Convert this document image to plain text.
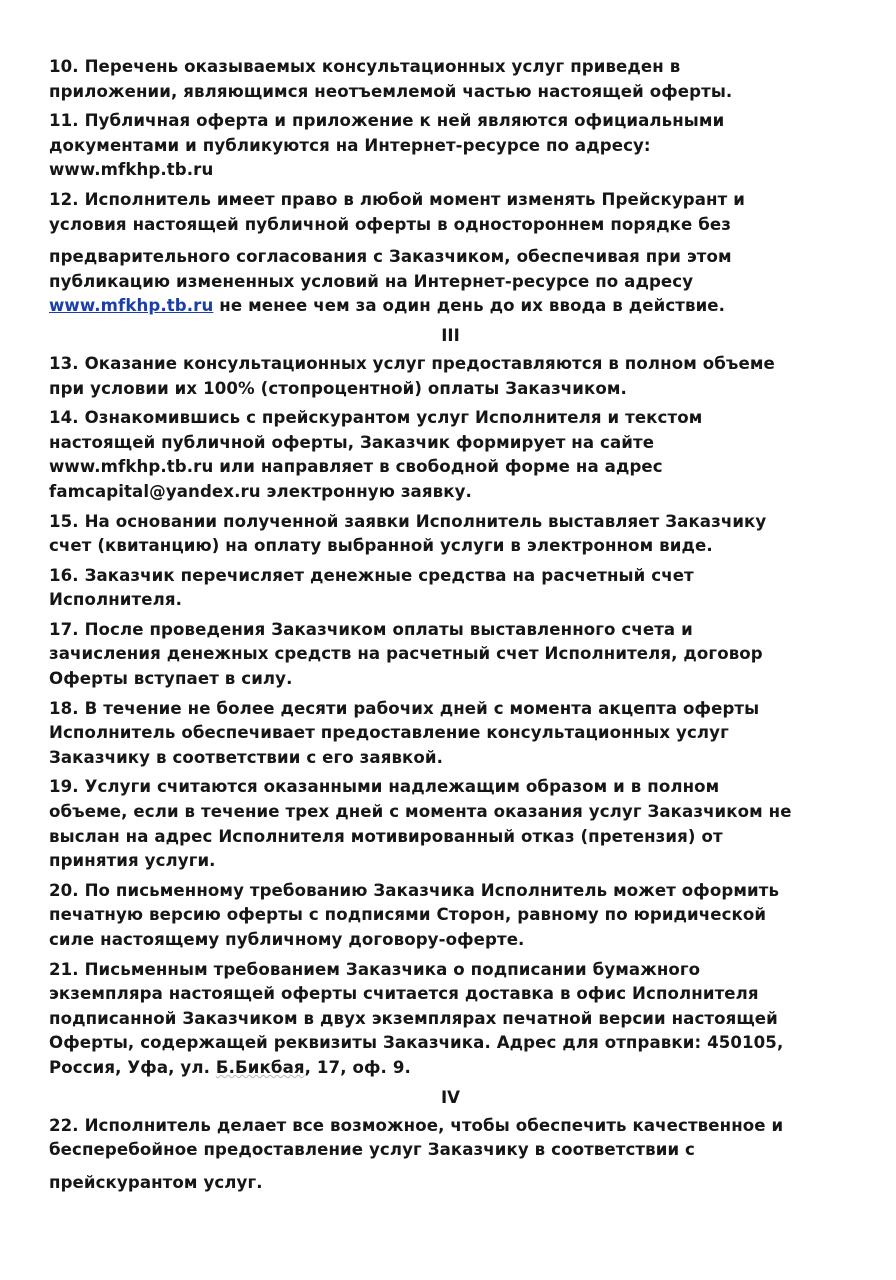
10. Перечень оказываемых консультационных услуг приведен в
приложении, являющимся неотъемлемой частью настоящей оферты.
11. Публичная оферта и приложение к ней являются официальными
документами и публикуются на Интернет-ресурсе по адресу:
www.mfkhp.tb.ru
12. Исполнитель имеет право в любой момент изменять Прейскурант и
условия настоящей публичной оферты в одностороннем порядке без
предварительного согласования с Заказчиком, обеспечивая при этом
публикацию измененных условий на Интернет-ресурсе по адресу
www.mfkhp.tb.ru не менее чем за один день до их ввода в действие.
III
13. Оказание консультационных услуг предоставляются в полном объеме
при условии их 100% (стопроцентной) оплаты Заказчиком.
14. Ознакомившись с прейскурантом услуг Исполнителя и текстом
настоящей публичной оферты, Заказчик формирует на сайте
www.mfkhp.tb.ru или направляет в свободной форме на адрес
famcapital@yandex.ru электронную заявку.
15. На основании полученной заявки Исполнитель выставляет Заказчику
счет (квитанцию) на оплату выбранной услуги в электронном виде.
16. Заказчик перечисляет денежные средства на расчетный счет
Исполнителя.
17. После проведения Заказчиком оплаты выставленного счета и
зачисления денежных средств на расчетный счет Исполнителя, договор
Оферты вступает в силу.
18. В течение не более десяти рабочих дней с момента акцепта оферты
Исполнитель обеспечивает предоставление консультационных услуг
Заказчику в соответствии с его заявкой.
19. Услуги считаются оказанными надлежащим образом и в полном
объеме, если в течение трех дней с момента оказания услуг Заказчиком не
выслан на адрес Исполнителя мотивированный отказ (претензия) от
принятия услуги.
20. По письменному требованию Заказчика Исполнитель может оформить
печатную версию оферты с подписями Сторон, равному по юридической
силе настоящему публичному договору-оферте.
21. Письменным требованием Заказчика о подписании бумажного
экземпляра настоящей оферты считается доставка в офис Исполнителя
подписанной Заказчиком в двух экземплярах печатной версии настоящей
Оферты, содержащей реквизиты Заказчика. Адрес для отправки: 450105,
Россия, Уфа, ул. Б.Бикбая, 17, оф. 9.
IV
22. Исполнитель делает все возможное, чтобы обеспечить качественное и
бесперебойное предоставление услуг Заказчику в соответствии с
прейскурантом услуг.
